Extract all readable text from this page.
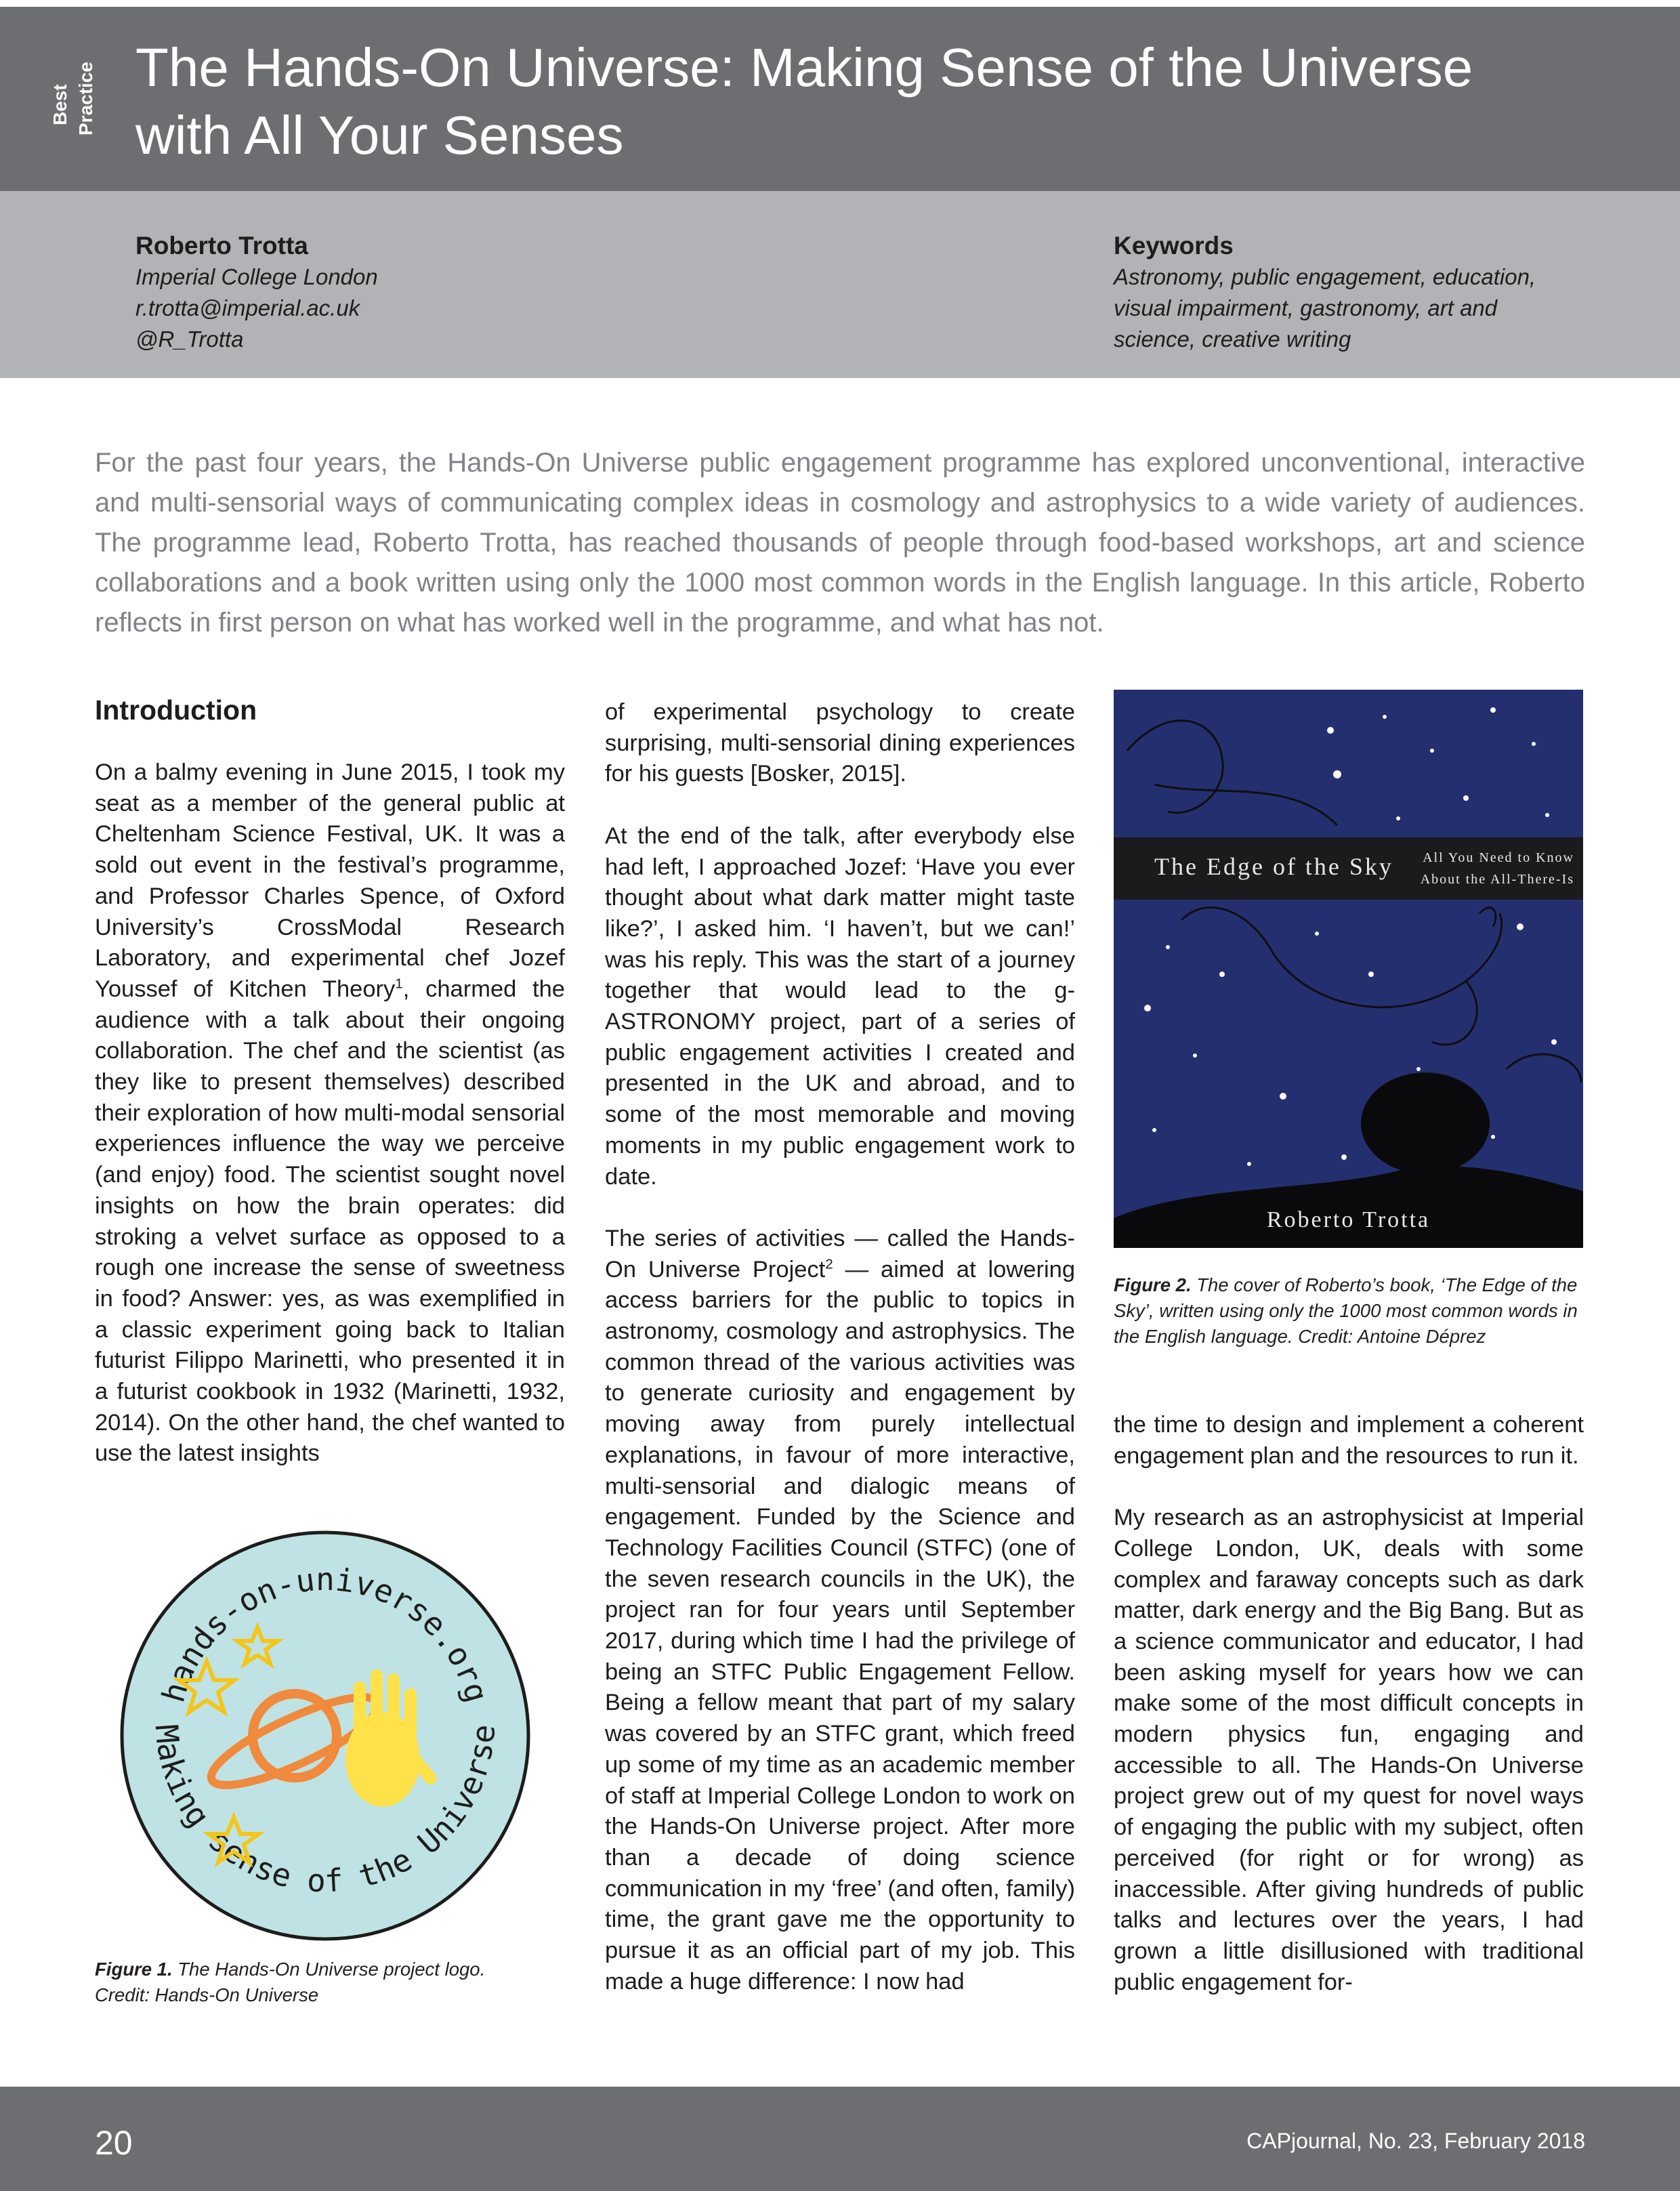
Best Practice The Hands-On Universe: Making Sense of the Universe
with All Your Senses
Roberto Trotta
Imperial College London
r.trotta@imperial.ac.uk
@R_Trotta
Keywords
Astronomy, public engagement, education,
visual impairment, gastronomy, art and
science, creative writing
For the past four years, the Hands-On Universe public engagement programme has explored unconventional, interactive and multi-sensorial ways of communicating complex ideas in cosmology and astrophysics to a wide variety of audiences. The programme lead, Roberto Trotta, has reached thousands of people through food-based workshops, art and science collaborations and a book written using only the 1000 most common words in the English language. In this article, Roberto reflects in first person on what has worked well in the programme, and what has not.
Introduction

On a balmy evening in June 2015, I took my seat as a member of the general public at Cheltenham Science Festival, UK. It was a sold out event in the festival’s programme, and Professor Charles Spence, of Oxford University’s CrossModal Research Laboratory, and experimental chef Jozef Youssef of Kitchen Theory$^1$, charmed the audience with a talk about their ongoing collaboration. The chef and the scientist (as they like to present themselves) described their exploration of how multi-modal sensorial experiences influence the way we perceive (and enjoy) food. The scientist sought novel insights on how the brain operates: did stroking a velvet surface as opposed to a rough one increase the sense of sweetness in food? Answer: yes, as was exemplified in a classic experiment going back to Italian futurist Filippo Marinetti, who presented it in a futurist cookbook in 1932 (Marinetti, 1932, 2014). On the other hand, the chef wanted to use the latest insights

hands-on-universe.org
Making sense of the Universe
Figure 1. The Hands-On Universe project logo. Credit: Hands-On Universe

of experimental psychology to create surprising, multi-sensorial dining experiences for his guests [Bosker, 2015].

At the end of the talk, after everybody else had left, I approached Jozef: ‘Have you ever thought about what dark matter might taste like?’, I asked him. ‘I haven’t, but we can!’ was his reply. This was the start of a journey together that would lead to the g-ASTRONOMY project, part of a series of public engagement activities I created and presented in the UK and abroad, and to some of the most memorable and moving moments in my public engagement work to date.

The series of activities — called the Hands-On Universe Project$^2$ — aimed at lowering access barriers for the public to topics in astronomy, cosmology and astrophysics. The common thread of the various activities was to generate curiosity and engagement by moving away from purely intellectual explanations, in favour of more interactive, multi-sensorial and dialogic means of engagement. Funded by the Science and Technology Facilities Council (STFC) (one of the seven research councils in the UK), the project ran for four years until September 2017, during which time I had the privilege of being an STFC Public Engagement Fellow. Being a fellow meant that part of my salary was covered by an STFC grant, which freed up some of my time as an academic member of staff at Imperial College London to work on the Hands-On Universe project. After more than a decade of doing science communication in my ‘free’ (and often, family) time, the grant gave me the opportunity to pursue it as an official part of my job. This made a huge difference: I now had

The Edge of the Sky	All You Need to Know
About the All-There-Is
Roberto Trotta
Figure 2. The cover of Roberto’s book, ‘The Edge of the Sky’, written using only the 1000 most common words in the English language. Credit: Antoine Déprez

the time to design and implement a coherent engagement plan and the resources to run it.

My research as an astrophysicist at Imperial College London, UK, deals with some complex and faraway concepts such as dark matter, dark energy and the Big Bang. But as a science communicator and educator, I had been asking myself for years how we can make some of the most difficult concepts in modern physics fun, engaging and accessible to all. The Hands-On Universe project grew out of my quest for novel ways of engaging the public with my subject, often perceived (for right or for wrong) as inaccessible. After giving hundreds of public talks and lectures over the years, I had grown a little disillusioned with traditional public engagement for-

20	CAPjournal, No. 23, February 2018
